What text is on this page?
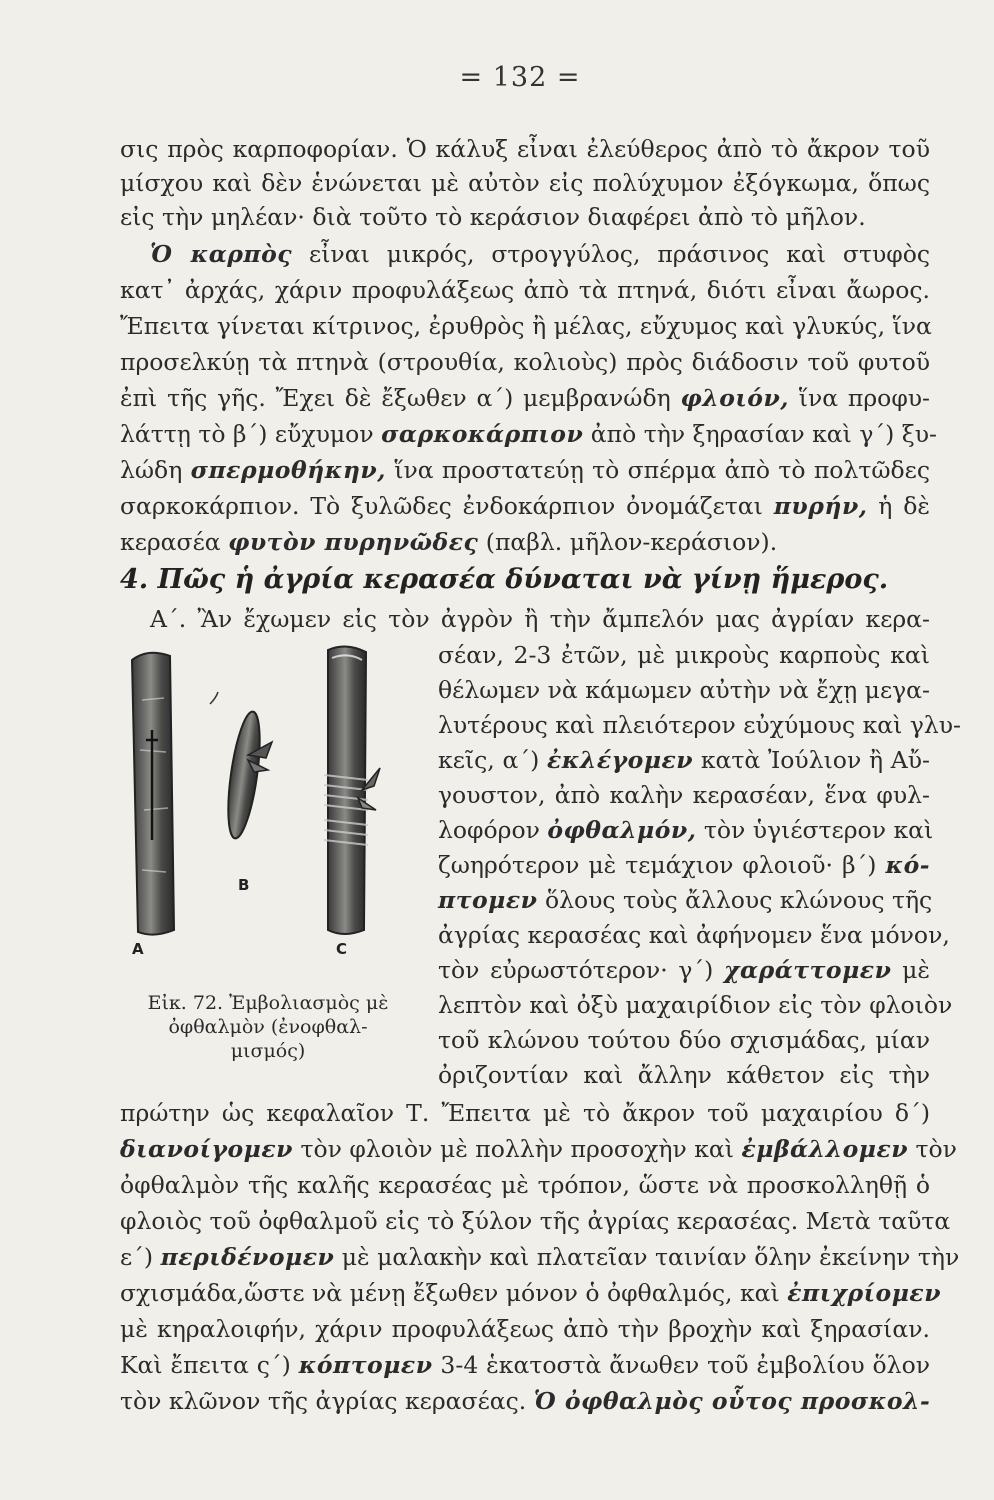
= 132 =
σις πρὸς καρποφορίαν. Ὁ κάλυξ εἶναι ἐλεύθερος ἀπὸ τὸ ἄκρον τοῦ
μίσχου καὶ δὲν ἑνώνεται μὲ αὐτὸν εἰς πολύχυμον ἐξόγκωμα, ὅπως
εἰς τὴν μηλέαν· διὰ τοῦτο τὸ κεράσιον διαφέρει ἀπὸ τὸ μῆλον.
Ὁ καρπὸς εἶναι μικρός, στρογγύλος, πράσινος καὶ στυφὸς
κατ᾿ ἀρχάς, χάριν προφυλάξεως ἀπὸ τὰ πτηνά, διότι εἶναι ἄωρος.
Ἔπειτα γίνεται κίτρινος, ἐρυθρὸς ἢ μέλας, εὔχυμος καὶ γλυκύς, ἵνα
προσελκύῃ τὰ πτηνὰ (στρουθία, κολιοὺς) πρὸς διάδοσιν τοῦ φυτοῦ
ἐπὶ τῆς γῆς. Ἔχει δὲ ἔξωθεν α΄) μεμβρανώδη φλοιόν, ἵνα προφυ-
λάττῃ τὸ β΄) εὔχυμον σαρκοκάρπιον ἀπὸ τὴν ξηρασίαν καὶ γ΄) ξυ-
λώδη σπερμοθήκην, ἵνα προστατεύῃ τὸ σπέρμα ἀπὸ τὸ πολτῶδες
σαρκοκάρπιον. Τὸ ξυλῶδες ἐνδοκάρπιον ὀνομάζεται πυρήν, ἡ δὲ
κερασέα φυτὸν πυρηνῶδες (παβλ. μῆλον-κεράσιον).
4. Πῶς ἡ ἀγρία κερασέα δύναται νὰ γίνῃ ἥμερος.
Α΄. Ἂν ἔχωμεν εἰς τὸν ἀγρὸν ἢ τὴν ἄμπελόν μας ἀγρίαν κερα-
σέαν, 2-3 ἐτῶν, μὲ μικροὺς καρποὺς καὶ
θέλωμεν νὰ κάμωμεν αὐτὴν νὰ ἔχῃ μεγα-
λυτέρους καὶ πλειότερον εὐχύμους καὶ γλυ-
κεῖς, α΄) ἐκλέγομεν κατὰ Ἰούλιον ἢ Αὔ-
γουστον, ἀπὸ καλὴν κερασέαν, ἕνα φυλ-
λοφόρον ὀφθαλμόν, τὸν ὑγιέστερον καὶ
ζωηρότερον μὲ τεμάχιον φλοιοῦ· β΄) κό-
πτομεν ὅλους τοὺς ἄλλους κλώνους τῆς
ἀγρίας κερασέας καὶ ἀφήνομεν ἕνα μόνον,
τὸν εὐρωστότερον· γ΄) χαράττομεν μὲ
λεπτὸν καὶ ὀξὺ μαχαιρίδιον εἰς τὸν φλοιὸν
τοῦ κλώνου τούτου δύο σχισμάδας, μίαν
ὀριζοντίαν καὶ ἄλλην κάθετον εἰς τὴν
A
B
C
Εἰκ. 72. Ἐμβολιασμὸς μὲ
ὀφθαλμὸν (ἐνοφθαλ-
μισμός)
πρώτην ὡς κεφαλαῖον Τ. Ἔπειτα μὲ τὸ ἄκρον τοῦ μαχαιρίου δ΄)
διανοίγομεν τὸν φλοιὸν μὲ πολλὴν προσοχὴν καὶ ἐμβάλλομεν τὸν
ὀφθαλμὸν τῆς καλῆς κερασέας μὲ τρόπον, ὥστε νὰ προσκολληθῇ ὁ
φλοιὸς τοῦ ὀφθαλμοῦ εἰς τὸ ξύλον τῆς ἀγρίας κερασέας. Μετὰ ταῦτα
ε΄) περιδένομεν μὲ μαλακὴν καὶ πλατεῖαν ταινίαν ὅλην ἐκείνην τὴν
σχισμάδα,ὥστε νὰ μένῃ ἔξωθεν μόνον ὁ ὀφθαλμός, καὶ ἐπιχρίομεν
μὲ κηραλοιφήν, χάριν προφυλάξεως ἀπὸ τὴν βροχὴν καὶ ξηρασίαν.
Καὶ ἔπειτα ς΄) κόπτομεν 3-4 ἑκατοστὰ ἄνωθεν τοῦ ἐμβολίου ὅλον
τὸν κλῶνον τῆς ἀγρίας κερασέας. Ὁ ὀφθαλμὸς οὗτος προσκολ-
